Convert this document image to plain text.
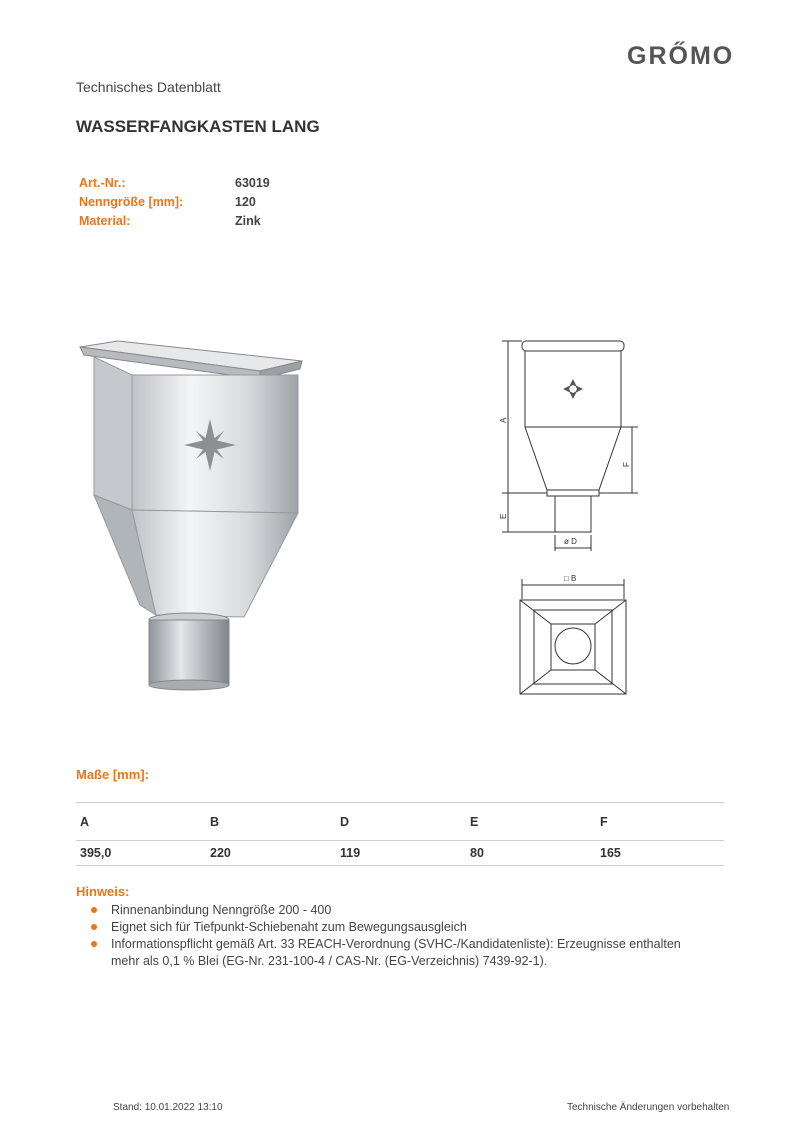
GRŐMO
Technisches Datenblatt
WASSERFANGKASTEN LANG
Art.-Nr.:	63019
Nenngröße [mm]:	120
Material:	Zink
A
E
F
ø D
□ B
Maße [mm]:
A	B	D	E	F
395,0	220	119	80	165
Hinweis:
Rinnenanbindung Nenngröße 200 - 400
Eignet sich für Tiefpunkt-Schiebenaht zum Bewegungsausgleich
Informationspflicht gemäß Art. 33 REACH-Verordnung (SVHC-/Kandidatenliste): Erzeugnisse enthalten mehr als 0,1 % Blei (EG-Nr. 231-100-4 / CAS-Nr. (EG-Verzeichnis) 7439-92-1).
Stand: 10.01.2022 13:10	Technische Änderungen vorbehalten
